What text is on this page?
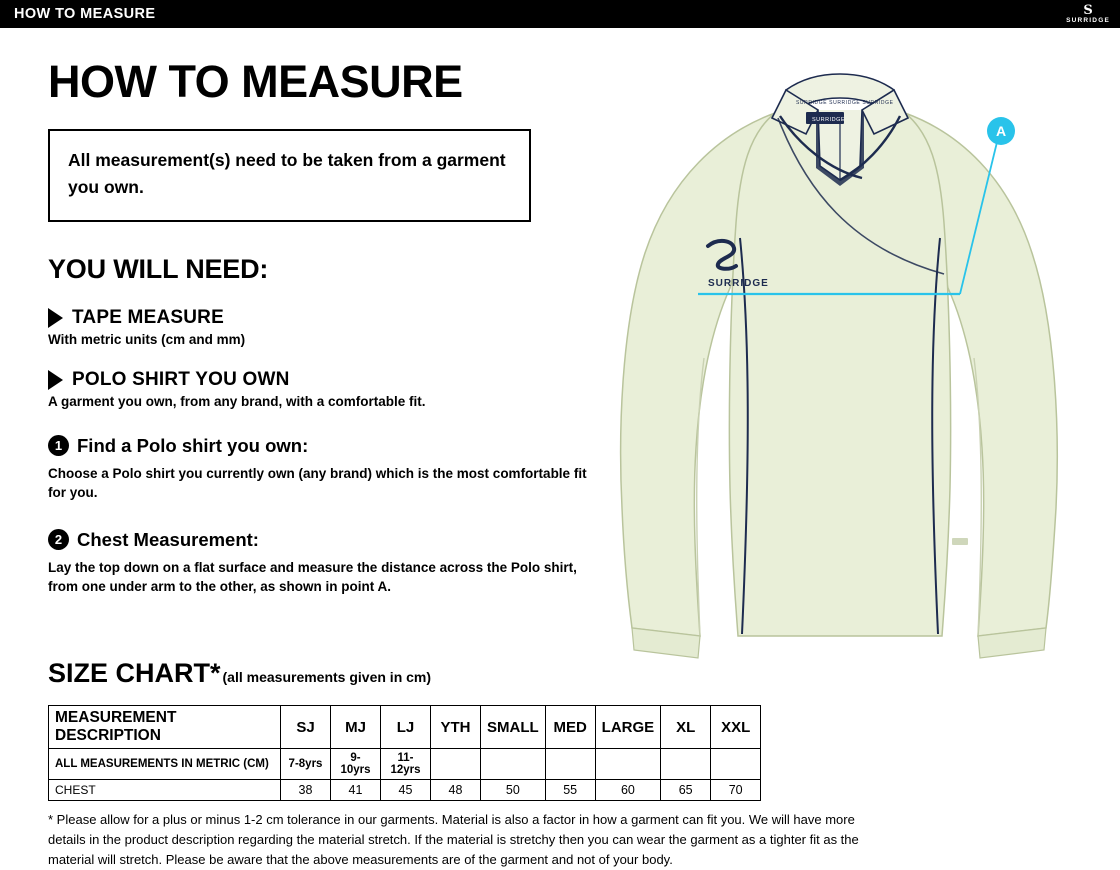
HOW TO MEASURE	S
SURRIDGE
HOW TO MEASURE

All measurement(s) need to be taken from a garment you own.

YOU WILL NEED:
TAPE MEASURE
With metric units (cm and mm)
POLO SHIRT YOU OWN
A garment you own, from any brand, with a comfortable fit.
1 Find a Polo shirt you own:
Choose a Polo shirt you currently own (any brand) which is the most comfortable fit for you.
2 Chest Measurement:
Lay the top down on a flat surface and measure the distance across the Polo shirt, from one under arm to the other, as shown in point A.
SURRIDGE
SURRIDGE SURRIDGE SURRIDGE
SURRIDGE
A
SIZE CHART* (all measurements given in cm)
MEASUREMENT DESCRIPTION	SJ	MJ	LJ	YTH	SMALL	MED	LARGE	XL	XXL
ALL MEASUREMENTS IN METRIC (CM)	7-8yrs	9-10yrs	11-12yrs						
CHEST	38	41	45	48	50	55	60	65	70
* Please allow for a plus or minus 1-2 cm tolerance in our garments. Material is also a factor in how a garment can fit you. We will have more details in the product description regarding the material stretch. If the material is stretchy then you can wear the garment as a tighter fit as the material will stretch. Please be aware that the above measurements are of the garment and not of your body.
